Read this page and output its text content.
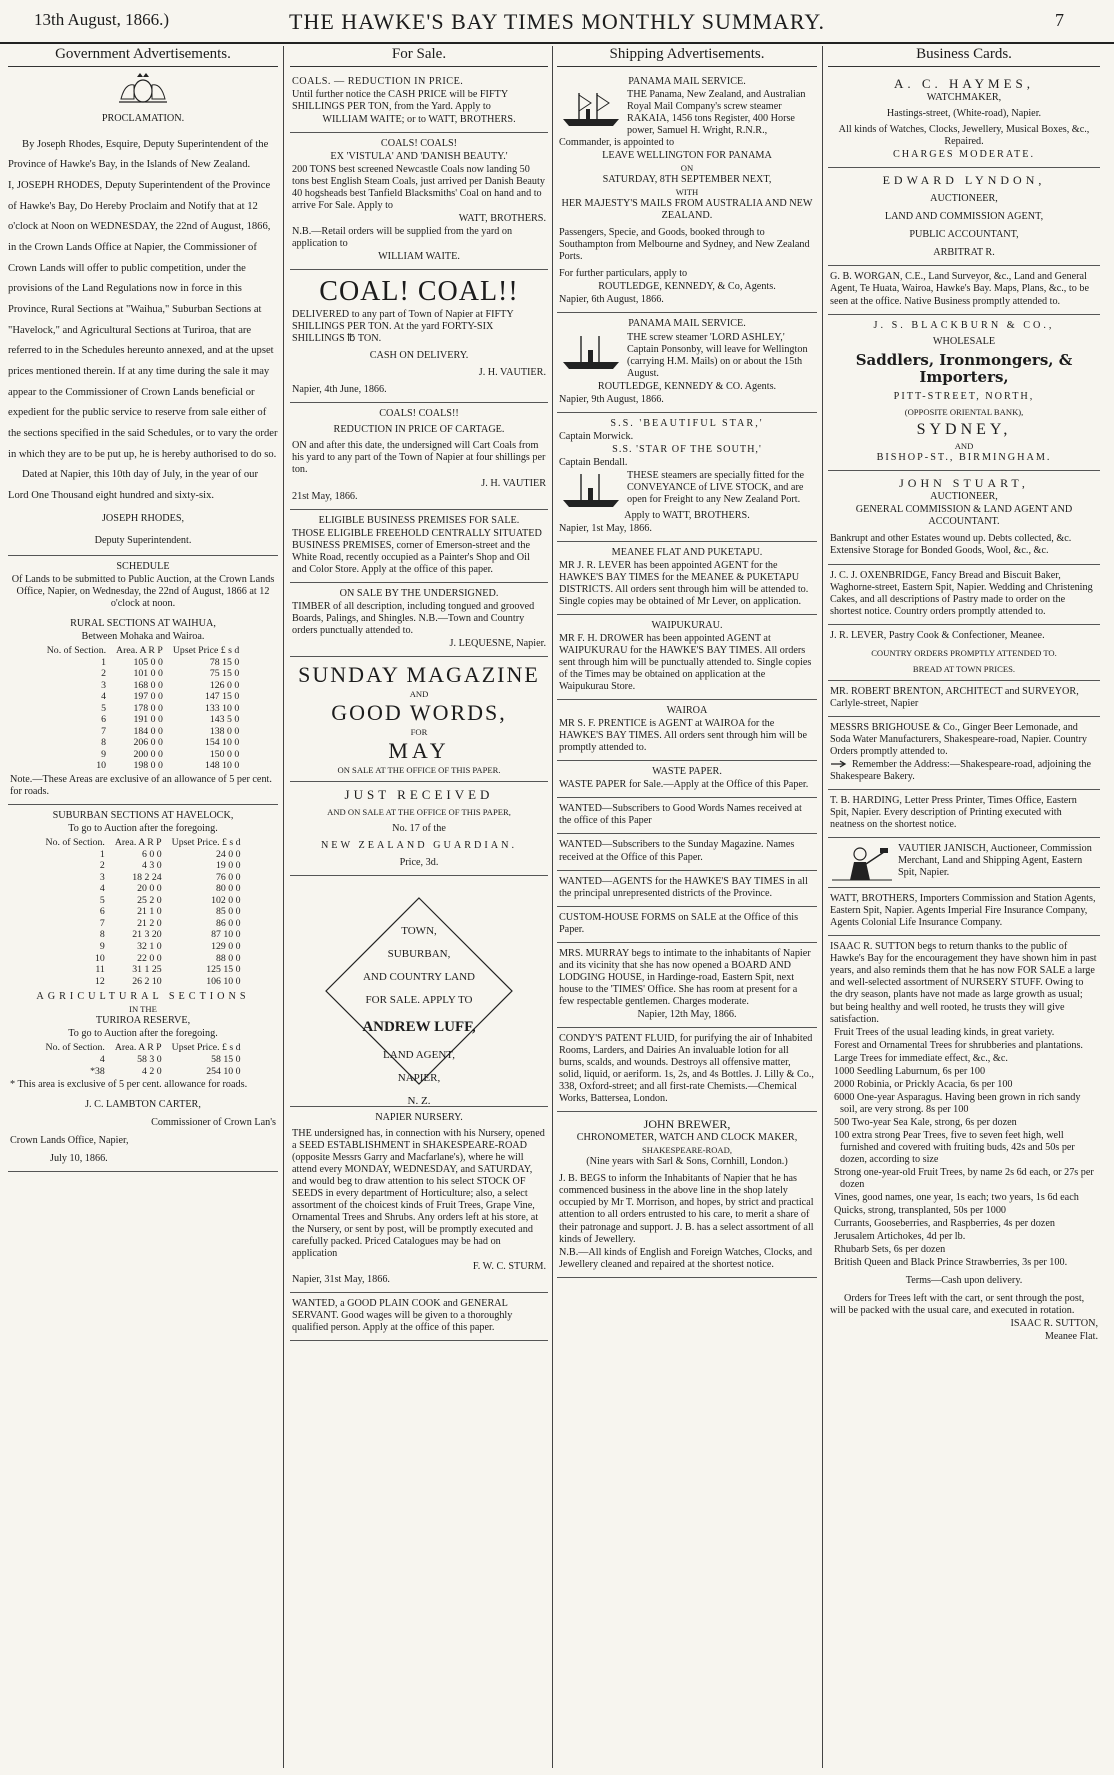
13th August, 1866.)	THE HAWKE'S BAY TIMES MONTHLY SUMMARY.	7
Government Advertisements.

PROCLAMATION.

By Joseph Rhodes, Esquire, Deputy Superintendent of the Province of Hawke's Bay, in the Islands of New Zealand.

I, JOSEPH RHODES, Deputy Superintendent of the Province of Hawke's Bay, Do Hereby Proclaim and Notify that at 12 o'clock at Noon on WEDNESDAY, the 22nd of August, 1866, in the Crown Lands Office at Napier, the Commissioner of Crown Lands will offer to public competition, under the provisions of the Land Regulations now in force in this Province, Rural Sections at "Waihua," Suburban Sections at "Havelock," and Agricultural Sections at Turiroa, that are referred to in the Schedules hereunto annexed, and at the upset prices mentioned therein. If at any time during the sale it may appear to the Commissioner of Crown Lands beneficial or expedient for the public service to reserve from sale either of the sections specified in the said Schedules, or to vary the order in which they are to be put up, he is hereby authorised to do so.

Dated at Napier, this 10th day of July, in the year of our Lord One Thousand eight hundred and sixty-six.

JOSEPH RHODES,

Deputy Superintendent.

SCHEDULE

Of Lands to be submitted to Public Auction, at the Crown Lands Office, Napier, on Wednesday, the 22nd of August, 1866 at 12 o'clock at noon.

RURAL SECTIONS AT WAIHUA,

Between Mohaka and Wairoa.

No. of Section.	Area. A R P	Upset Price £ s d
1	105 0 0	78 15 0
2	101 0 0	75 15 0
3	168 0 0	126 0 0
4	197 0 0	147 15 0
5	178 0 0	133 10 0
6	191 0 0	143 5 0
7	184 0 0	138 0 0
8	206 0 0	154 10 0
9	200 0 0	150 0 0
10	198 0 0	148 10 0

Note.—These Areas are exclusive of an allowance of 5 per cent. for roads.

SUBURBAN SECTIONS AT HAVELOCK,

To go to Auction after the foregoing.

No. of Section.	Area. A R P	Upset Price. £ s d
1	6 0 0	24 0 0
2	4 3 0	19 0 0
3	18 2 24	76 0 0
4	20 0 0	80 0 0
5	25 2 0	102 0 0
6	21 1 0	85 0 0
7	21 2 0	86 0 0
8	21 3 20	87 10 0
9	32 1 0	129 0 0
10	22 0 0	88 0 0
11	31 1 25	125 15 0
12	26 2 10	106 10 0

AGRICULTURAL SECTIONS

IN THE

TURIROA RESERVE,

To go to Auction after the foregoing.

No. of Section.	Area. A R P	Upset Price. £ s d
4	58 3 0	58 15 0
*38	4 2 0	254 10 0

* This area is exclusive of 5 per cent. allowance for roads.

J. C. LAMBTON CARTER,

Commissioner of Crown Lan's

Crown Lands Office, Napier,

July 10, 1866.

For Sale.

COALS. — REDUCTION IN PRICE.

Until further notice the CASH PRICE will be FIFTY SHILLINGS PER TON, from the Yard. Apply to

WILLIAM WAITE; or to WATT, BROTHERS.

COALS! COALS!

EX 'VISTULA' AND 'DANISH BEAUTY.'

200 TONS best screened Newcastle Coals now landing 50 tons best English Steam Coals, just arrived per Danish Beauty 40 hogsheads best Tanfield Blacksmiths' Coal on hand and to arrive For Sale. Apply to

WATT, BROTHERS.

N.B.—Retail orders will be supplied from the yard on application to

WILLIAM WAITE.

COAL! COAL!!

DELIVERED to any part of Town of Napier at FIFTY SHILLINGS PER TON. At the yard FORTY-SIX SHILLINGS ℔ TON.

CASH ON DELIVERY.

J. H. VAUTIER.

Napier, 4th June, 1866.

COALS! COALS!!

REDUCTION IN PRICE OF CARTAGE.

ON and after this date, the undersigned will Cart Coals from his yard to any part of the Town of Napier at four shillings per ton.

J. H. VAUTIER

21st May, 1866.

ELIGIBLE BUSINESS PREMISES FOR SALE.

THOSE ELIGIBLE FREEHOLD CENTRALLY SITUATED BUSINESS PREMISES, corner of Emerson-street and the White Road, recently occupied as a Painter's Shop and Oil and Color Store. Apply at the office of this paper.

ON SALE BY THE UNDERSIGNED.

TIMBER of all description, including tongued and grooved Boards, Palings, and Shingles. N.B.—Town and Country orders punctually attended to.

J. LEQUESNE, Napier.

SUNDAY MAGAZINE

AND

GOOD WORDS,

FOR

MAY

ON SALE AT THE OFFICE OF THIS PAPER.

JUST RECEIVED

AND ON SALE AT THE OFFICE OF THIS PAPER,

No. 17 of the

NEW ZEALAND GUARDIAN.

Price, 3d.

TOWN,
SUBURBAN,
AND COUNTRY LAND
FOR SALE. APPLY TO
ANDREW LUFF,
LAND AGENT,
NAPIER,
N. Z.

NAPIER NURSERY.

THE undersigned has, in connection with his Nursery, opened a SEED ESTABLISHMENT in SHAKESPEARE-ROAD (opposite Messrs Garry and Macfarlane's), where he will attend every MONDAY, WEDNESDAY, and SATURDAY, and would beg to draw attention to his select STOCK OF SEEDS in every department of Horticulture; also, a select assortment of the choicest kinds of Fruit Trees, Grape Vine, Ornamental Trees and Shrubs. Any orders left at his store, at the Nursery, or sent by post, will be promptly executed and carefully packed. Priced Catalogues may be had on application

F. W. C. STURM.

Napier, 31st May, 1866.

WANTED, a GOOD PLAIN COOK and GENERAL SERVANT. Good wages will be given to a thoroughly qualified person. Apply at the office of this paper.

Shipping Advertisements.

PANAMA MAIL SERVICE.

THE Panama, New Zealand, and Australian Royal Mail Company's screw steamer RAKAIA, 1456 tons Register, 400 Horse power, Samuel H. Wright, R.N.R., Commander, is appointed to

LEAVE WELLINGTON FOR PANAMA

ON

SATURDAY, 8TH SEPTEMBER NEXT,

WITH

HER MAJESTY'S MAILS FROM AUSTRALIA AND NEW ZEALAND.

Passengers, Specie, and Goods, booked through to Southampton from Melbourne and Sydney, and New Zealand Ports.

For further particulars, apply to

ROUTLEDGE, KENNEDY, & Co, Agents.

Napier, 6th August, 1866.

PANAMA MAIL SERVICE.

THE screw steamer 'LORD ASHLEY,' Captain Ponsonby, will leave for Wellington (carrying H.M. Mails) on or about the 15th August.

ROUTLEDGE, KENNEDY & CO. Agents.

Napier, 9th August, 1866.

S.S. 'BEAUTIFUL STAR,'

Captain Morwick.

S.S. 'STAR OF THE SOUTH,'

Captain Bendall.

THESE steamers are specially fitted for the CONVEYANCE of LIVE STOCK, and are open for Freight to any New Zealand Port.

Apply to WATT, BROTHERS.

Napier, 1st May, 1866.

MEANEE FLAT AND PUKETAPU.

MR J. R. LEVER has been appointed AGENT for the HAWKE'S BAY TIMES for the MEANEE & PUKETAPU DISTRICTS. All orders sent through him will be attended to. Single copies may be obtained of Mr Lever, on application.

WAIPUKURAU.

MR F. H. DROWER has been appointed AGENT at WAIPUKURAU for the HAWKE'S BAY TIMES. All orders sent through him will be punctually attended to. Single copies of the Times may be obtained on application at the Waipukurau Store.

WAIROA

MR S. F. PRENTICE is AGENT at WAIROA for the HAWKE'S BAY TIMES. All orders sent through him will be promptly attended to.

WASTE PAPER.

WASTE PAPER for Sale.—Apply at the Office of this Paper.

WANTED—Subscribers to Good Words Names received at the office of this Paper

WANTED—Subscribers to the Sunday Magazine. Names received at the Office of this Paper.

WANTED—AGENTS for the HAWKE'S BAY TIMES in all the principal unrepresented districts of the Province.

CUSTOM-HOUSE FORMS on SALE at the Office of this Paper.

MRS. MURRAY begs to intimate to the inhabitants of Napier and its vicinity that she has now opened a BOARD AND LODGING HOUSE, in Hardinge-road, Eastern Spit, next house to the 'TIMES' Office. She has room at present for a few respectable gentlemen. Charges moderate.

Napier, 12th May, 1866.

CONDY'S PATENT FLUID, for purifying the air of Inhabited Rooms, Larders, and Dairies An invaluable lotion for all burns, scalds, and wounds. Destroys all offensive matter, solid, liquid, or aeriform. 1s, 2s, and 4s Bottles. J. Lilly & Co., 338, Oxford-street; and all first-rate Chemists.—Chemical Works, Battersea, London.

JOHN BREWER,

CHRONOMETER, WATCH AND CLOCK MAKER,

SHAKESPEARE-ROAD,

(Nine years with Sarl & Sons, Cornhill, London.)

J. B. BEGS to inform the Inhabitants of Napier that he has commenced business in the above line in the shop lately occupied by Mr T. Morrison, and hopes, by strict and practical attention to all orders entrusted to his care, to merit a share of their patronage and support. J. B. has a select assortment of all kinds of Jewellery.

N.B.—All kinds of English and Foreign Watches, Clocks, and Jewellery cleaned and repaired at the shortest notice.

Business Cards.

A. C. HAYMES,

WATCHMAKER,

Hastings-street, (White-road), Napier.

All kinds of Watches, Clocks, Jewellery, Musical Boxes, &c., Repaired.

CHARGES MODERATE.

EDWARD LYNDON,

AUCTIONEER,

LAND AND COMMISSION AGENT,

PUBLIC ACCOUNTANT,

ARBITRAT R.

G. B. WORGAN, C.E., Land Surveyor, &c., Land and General Agent, Te Huata, Wairoa, Hawke's Bay. Maps, Plans, &c., to be seen at the office. Native Business promptly attended to.

J. S. BLACKBURN & CO.,

WHOLESALE

Saddlers, Ironmongers, & Importers,

PITT-STREET, NORTH,

(OPPOSITE ORIENTAL BANK),

SYDNEY,

AND

BISHOP-ST., BIRMINGHAM.

JOHN STUART,

AUCTIONEER,

GENERAL COMMISSION & LAND AGENT AND ACCOUNTANT.

Bankrupt and other Estates wound up. Debts collected, &c. Extensive Storage for Bonded Goods, Wool, &c., &c.

J. C. J. OXENBRIDGE, Fancy Bread and Biscuit Baker, Waghorne-street, Eastern Spit, Napier. Wedding and Christening Cakes, and all descriptions of Pastry made to order on the shortest notice. Country orders promptly attended to.

J. R. LEVER, Pastry Cook & Confectioner, Meanee.

COUNTRY ORDERS PROMPTLY ATTENDED TO.

BREAD AT TOWN PRICES.

MR. ROBERT BRENTON, ARCHITECT and SURVEYOR, Carlyle-street, Napier

MESSRS BRIGHOUSE & Co., Ginger Beer Lemonade, and Soda Water Manufacturers, Shakespeare-road, Napier. Country Orders promptly attended to.

Remember the Address:—Shakespeare-road, adjoining the Shakespeare Bakery.

T. B. HARDING, Letter Press Printer, Times Office, Eastern Spit, Napier. Every description of Printing executed with neatness on the shortest notice.

VAUTIER JANISCH, Auctioneer, Commission Merchant, Land and Shipping Agent, Eastern Spit, Napier.

WATT, BROTHERS, Importers Commission and Station Agents, Eastern Spit, Napier. Agents Imperial Fire Insurance Company, Agents Colonial Life Insurance Company.

ISAAC R. SUTTON begs to return thanks to the public of Hawke's Bay for the encouragement they have shown him in past years, and also reminds them that he has now FOR SALE a large and well-selected assortment of NURSERY STUFF. Owing to the dry season, plants have not made as large growth as usual; but being healthy and well rooted, he trusts they will give satisfaction.

Fruit Trees of the usual leading kinds, in great variety.

Forest and Ornamental Trees for shrubberies and plantations.

Large Trees for immediate effect, &c., &c.

1000 Seedling Laburnum, 6s per 100

2000 Robinia, or Prickly Acacia, 6s per 100

6000 One-year Asparagus. Having been grown in rich sandy soil, are very strong. 8s per 100

500 Two-year Sea Kale, strong, 6s per dozen

100 extra strong Pear Trees, five to seven feet high, well furnished and covered with fruiting buds, 42s and 50s per dozen, according to size

Strong one-year-old Fruit Trees, by name 2s 6d each, or 27s per dozen

Vines, good names, one year, 1s each; two years, 1s 6d each

Quicks, strong, transplanted, 50s per 1000

Currants, Gooseberries, and Raspberries, 4s per dozen

Jerusalem Artichokes, 4d per lb.

Rhubarb Sets, 6s per dozen

British Queen and Black Prince Strawberries, 3s per 100.

Terms—Cash upon delivery.

Orders for Trees left with the cart, or sent through the post, will be packed with the usual care, and executed in rotation.

ISAAC R. SUTTON,

Meanee Flat.
